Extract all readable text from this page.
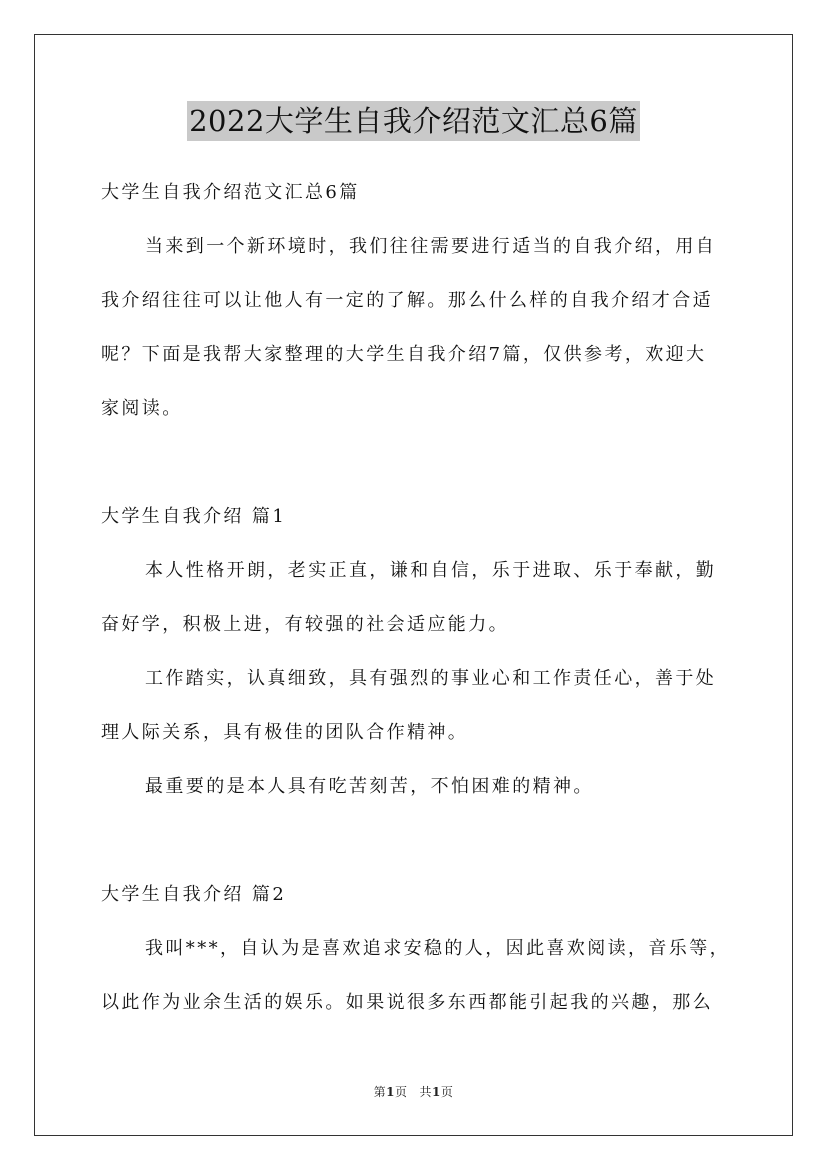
2022大学生自我介绍范文汇总6篇
大学生自我介绍范文汇总6篇
当来到一个新环境时，我们往往需要进行适当的自我介绍，用自
我介绍往往可以让他人有一定的了解。那么什么样的自我介绍才合适
呢？下面是我帮大家整理的大学生自我介绍7篇，仅供参考，欢迎大
家阅读。
大学生自我介绍 篇1
本人性格开朗，老实正直，谦和自信，乐于进取、乐于奉献，勤
奋好学，积极上进，有较强的社会适应能力。
工作踏实，认真细致，具有强烈的事业心和工作责任心，善于处
理人际关系，具有极佳的团队合作精神。
最重要的是本人具有吃苦刻苦，不怕困难的精神。
大学生自我介绍 篇2
我叫***，自认为是喜欢追求安稳的人，因此喜欢阅读，音乐等，
以此作为业余生活的娱乐。如果说很多东西都能引起我的兴趣，那么
第1页 共1页
